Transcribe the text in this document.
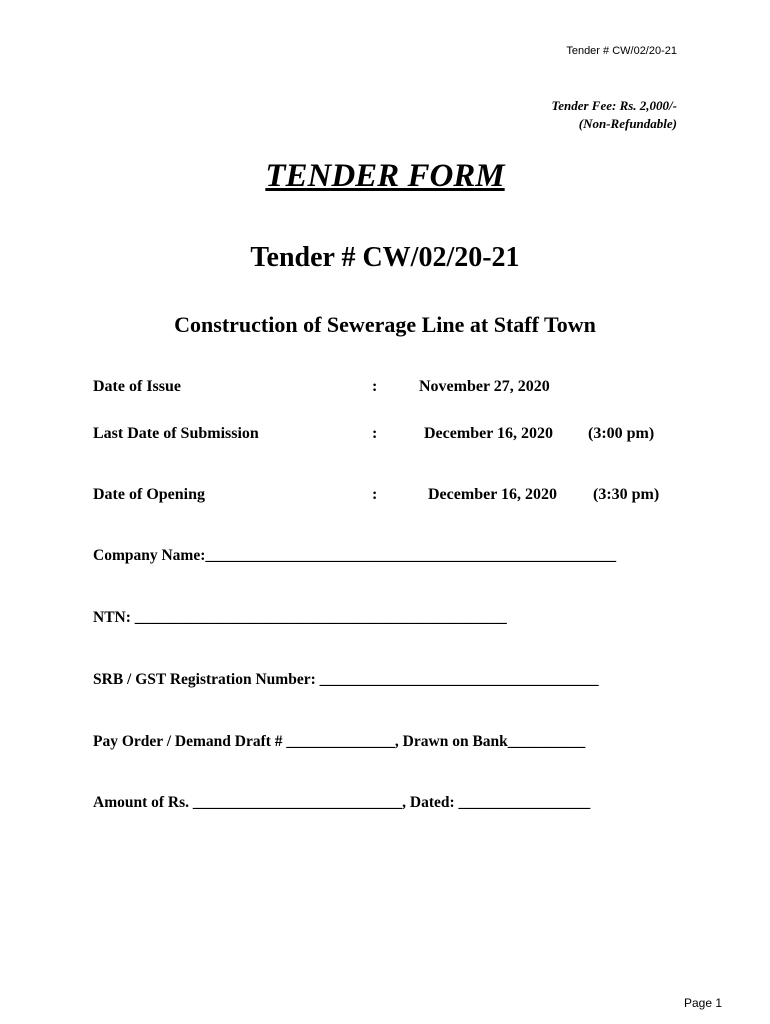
Tender # CW/02/20-21
Tender Fee: Rs. 2,000/-
(Non-Refundable)
TENDER FORM
Tender # CW/02/20-21
Construction of Sewerage Line at Staff Town
Date of Issue	:	November 27, 2020
Last Date of Submission	:	December 16, 2020 (3:00 pm)
Date of Opening	:	December 16, 2020 (3:30 pm)
Company Name:_____________________________________________________
NTN: ________________________________________________
SRB / GST Registration Number: ____________________________________
Pay Order / Demand Draft # ______________, Drawn on Bank__________
Amount of Rs. ___________________________, Dated: _________________
Page 1
